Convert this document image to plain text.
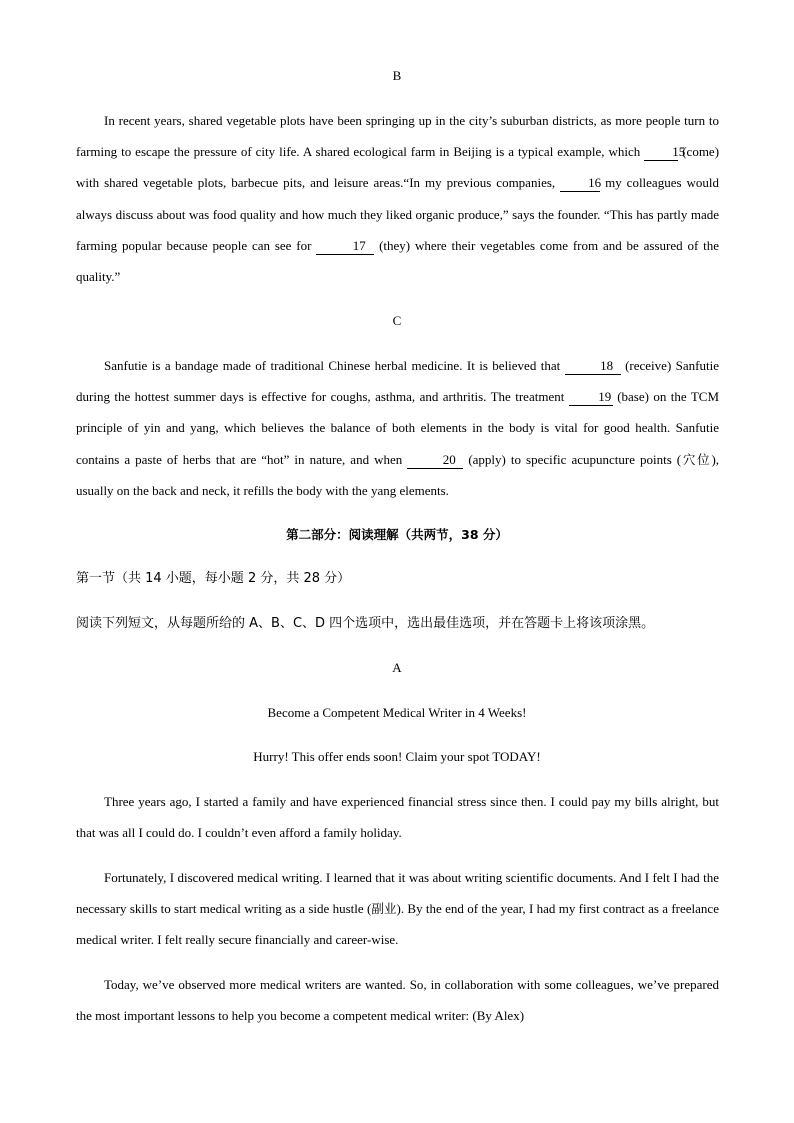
B
In recent years, shared vegetable plots have been springing up in the city’s suburban districts, as more people turn to farming to escape the pressure of city life. A shared ecological farm in Beijing is a typical example, which 15 (come) with shared vegetable plots, barbecue pits, and leisure areas.“In my previous companies,	16 my colleagues would always discuss about was food quality and how much they liked organic produce,” says the founder. “This has partly made farming popular because people can see for	17 (they) where their vegetables come from and be assured of the quality.”
C
Sanfutie is a bandage made of traditional Chinese herbal medicine. It is believed that	18 (receive) Sanfutie during the hottest summer days is effective for coughs, asthma, and arthritis. The treatment	19 (base) on the TCM principle of yin and yang, which believes the balance of both elements in the body is vital for good health. Sanfutie contains a paste of herbs that are “hot” in nature, and when	20 (apply) to specific acupuncture points (穴位), usually on the back and neck, it refills the body with the yang elements.
第二部分：阅读理解（共两节，38 分）
第一节（共 14 小题，每小题 2 分，共 28 分）
阅读下列短文，从每题所给的 A、B、C、D 四个选项中，选出最佳选项，并在答题卡上将该项涂黑。
A
Become a Competent Medical Writer in 4 Weeks!
Hurry! This offer ends soon! Claim your spot TODAY!
Three years ago, I started a family and have experienced financial stress since then. I could pay my bills alright, but that was all I could do. I couldn’t even afford a family holiday.
Fortunately, I discovered medical writing. I learned that it was about writing scientific documents. And I felt I had the necessary skills to start medical writing as a side hustle (副业). By the end of the year, I had my first contract as a freelance medical writer. I felt really secure financially and career-wise.
Today, we’ve observed more medical writers are wanted. So, in collaboration with some colleagues, we’ve prepared the most important lessons to help you become a competent medical writer: (By Alex)
